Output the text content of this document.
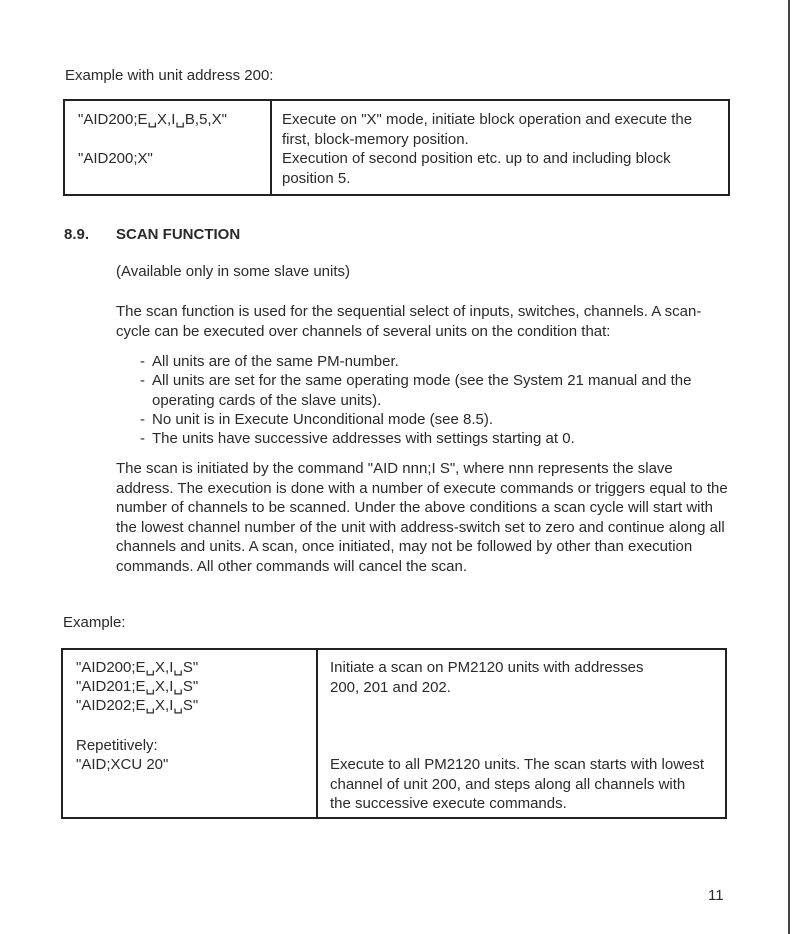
Example with unit address 200:
"AID200;E␣X,I␣B,5,X"
"AID200;X"
Execute on "X" mode, initiate block operation and execute the first, block-memory position.
Execution of second position etc. up to and including block position 5.
8.9. SCAN FUNCTION
(Available only in some slave units)
The scan function is used for the sequential select of inputs, switches, channels. A scan-cycle can be executed over channels of several units on the condition that:
- All units are of the same PM-number.
- All units are set for the same operating mode (see the System 21 manual and the operating cards of the slave units).
- No unit is in Execute Unconditional mode (see 8.5).
- The units have successive addresses with settings starting at 0.
The scan is initiated by the command "AID nnn;I S", where nnn represents the slave address. The execution is done with a number of execute commands or triggers equal to the number of channels to be scanned. Under the above conditions a scan cycle will start with the lowest channel number of the unit with address-switch set to zero and continue along all channels and units. A scan, once initiated, may not be followed by other than execution commands. All other commands will cancel the scan.
Example:
"AID200;E␣X,I␣S"
"AID201;E␣X,I␣S"
"AID202;E␣X,I␣S"
Repetitively:
"AID;XCU 20"
Initiate a scan on PM2120 units with addresses 200, 201 and 202.
Execute to all PM2120 units. The scan starts with lowest channel of unit 200, and steps along all channels with the successive execute commands.
11
